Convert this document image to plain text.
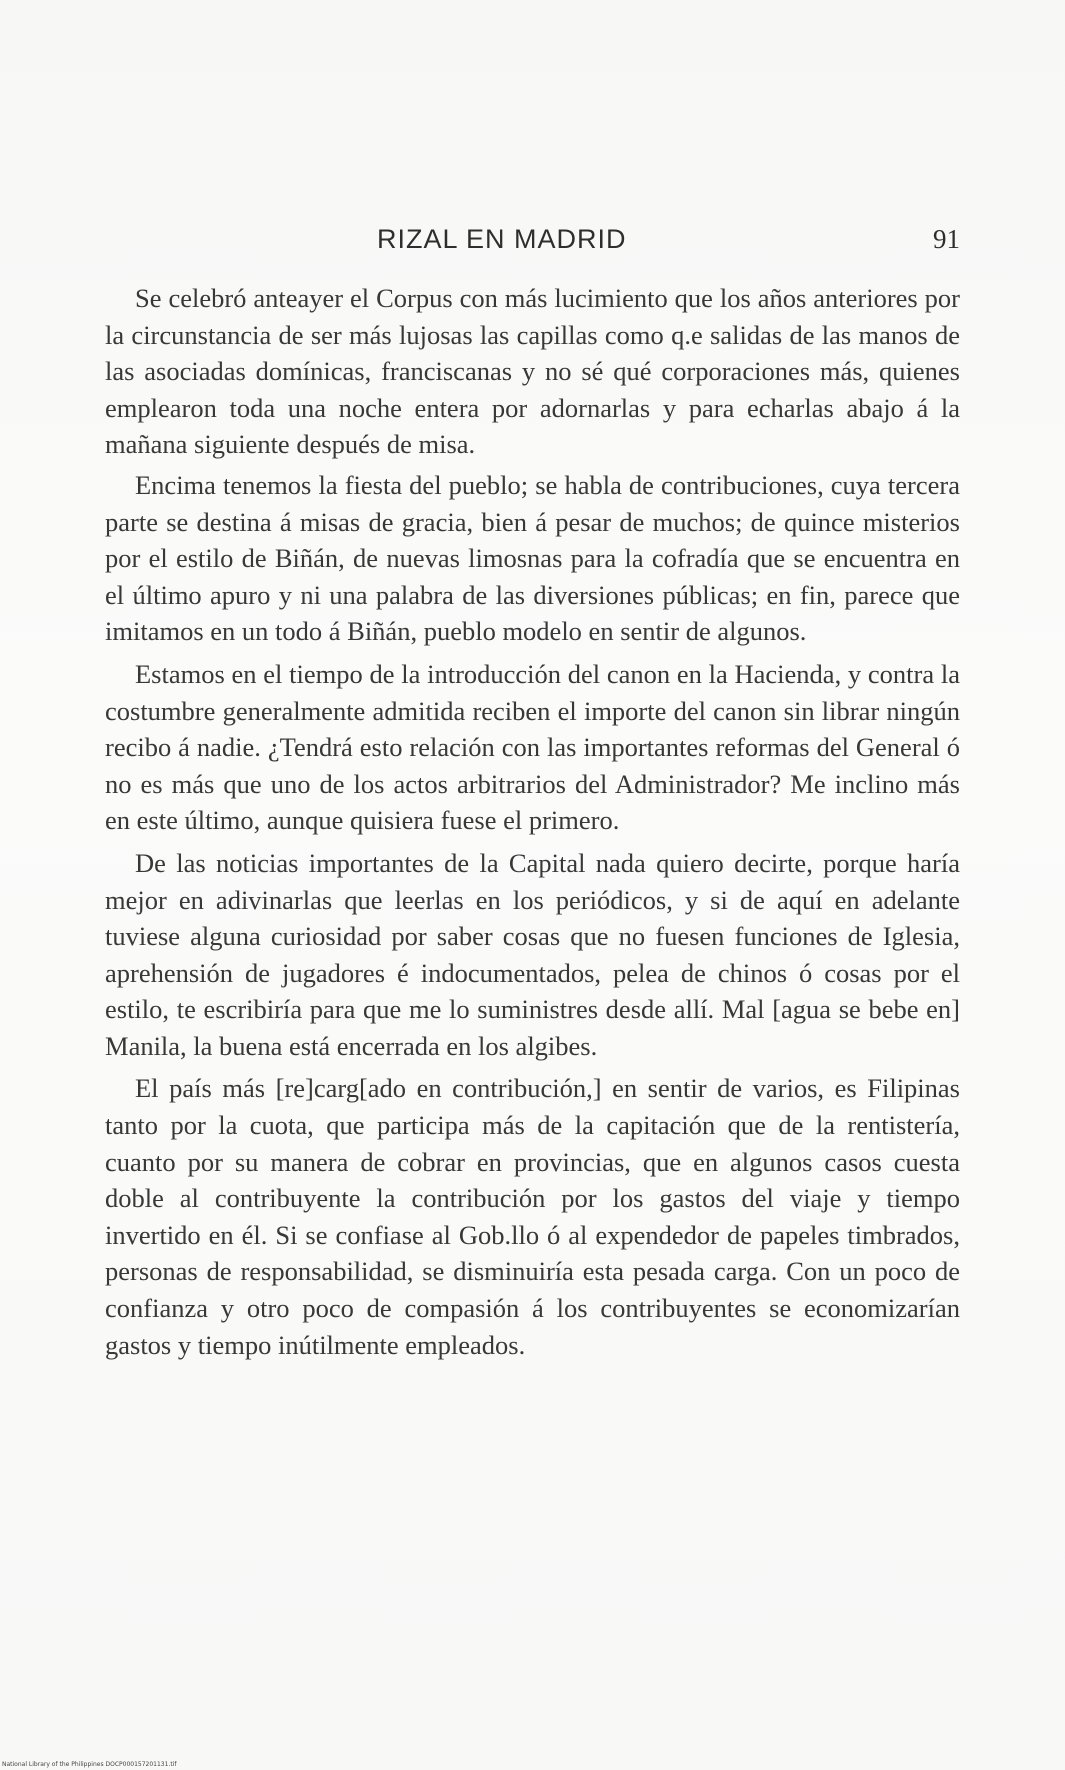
RIZAL EN MADRID	91

Se celebró anteayer el Corpus con más lucimiento que los años anteriores por la circunstancia de ser más lujosas las capillas como q.e salidas de las manos de las asociadas domínicas, franciscanas y no sé qué corporaciones más, quienes emplearon toda una noche entera por adornarlas y para echarlas abajo á la mañana siguiente después de misa.

Encima tenemos la fiesta del pueblo; se habla de contribuciones, cuya tercera parte se destina á misas de gracia, bien á pesar de muchos; de quince misterios por el estilo de Biñán, de nuevas limosnas para la cofradía que se encuentra en el último apuro y ni una palabra de las diversiones públicas; en fin, parece que imitamos en un todo á Biñán, pueblo modelo en sentir de algunos.

Estamos en el tiempo de la introducción del canon en la Hacienda, y contra la costumbre generalmente admitida reciben el importe del canon sin librar ningún recibo á nadie. ¿Tendrá esto relación con las importantes reformas del General ó no es más que uno de los actos arbitrarios del Administrador? Me inclino más en este último, aunque quisiera fuese el primero.

De las noticias importantes de la Capital nada quiero decirte, porque haría mejor en adivinarlas que leerlas en los periódicos, y si de aquí en adelante tuviese alguna curiosidad por saber cosas que no fuesen funciones de Iglesia, aprehensión de jugadores é indocumentados, pelea de chinos ó cosas por el estilo, te escribiría para que me lo suministres desde allí. Mal [agua se bebe en] Manila, la buena está encerrada en los algibes.

El país más [re]carg[ado en contribución,] en sentir de varios, es Filipinas tanto por la cuota, que participa más de la capitación que de la rentistería, cuanto por su manera de cobrar en provincias, que en algunos casos cuesta doble al contribuyente la contribución por los gastos del viaje y tiempo invertido en él. Si se confiase al Gob.llo ó al expendedor de papeles timbrados, personas de responsabilidad, se disminuiría esta pesada carga. Con un poco de confianza y otro poco de compasión á los contribuyentes se economizarían gastos y tiempo inútilmente empleados.

National Library of the Philippines DOCP000157201131.tif
